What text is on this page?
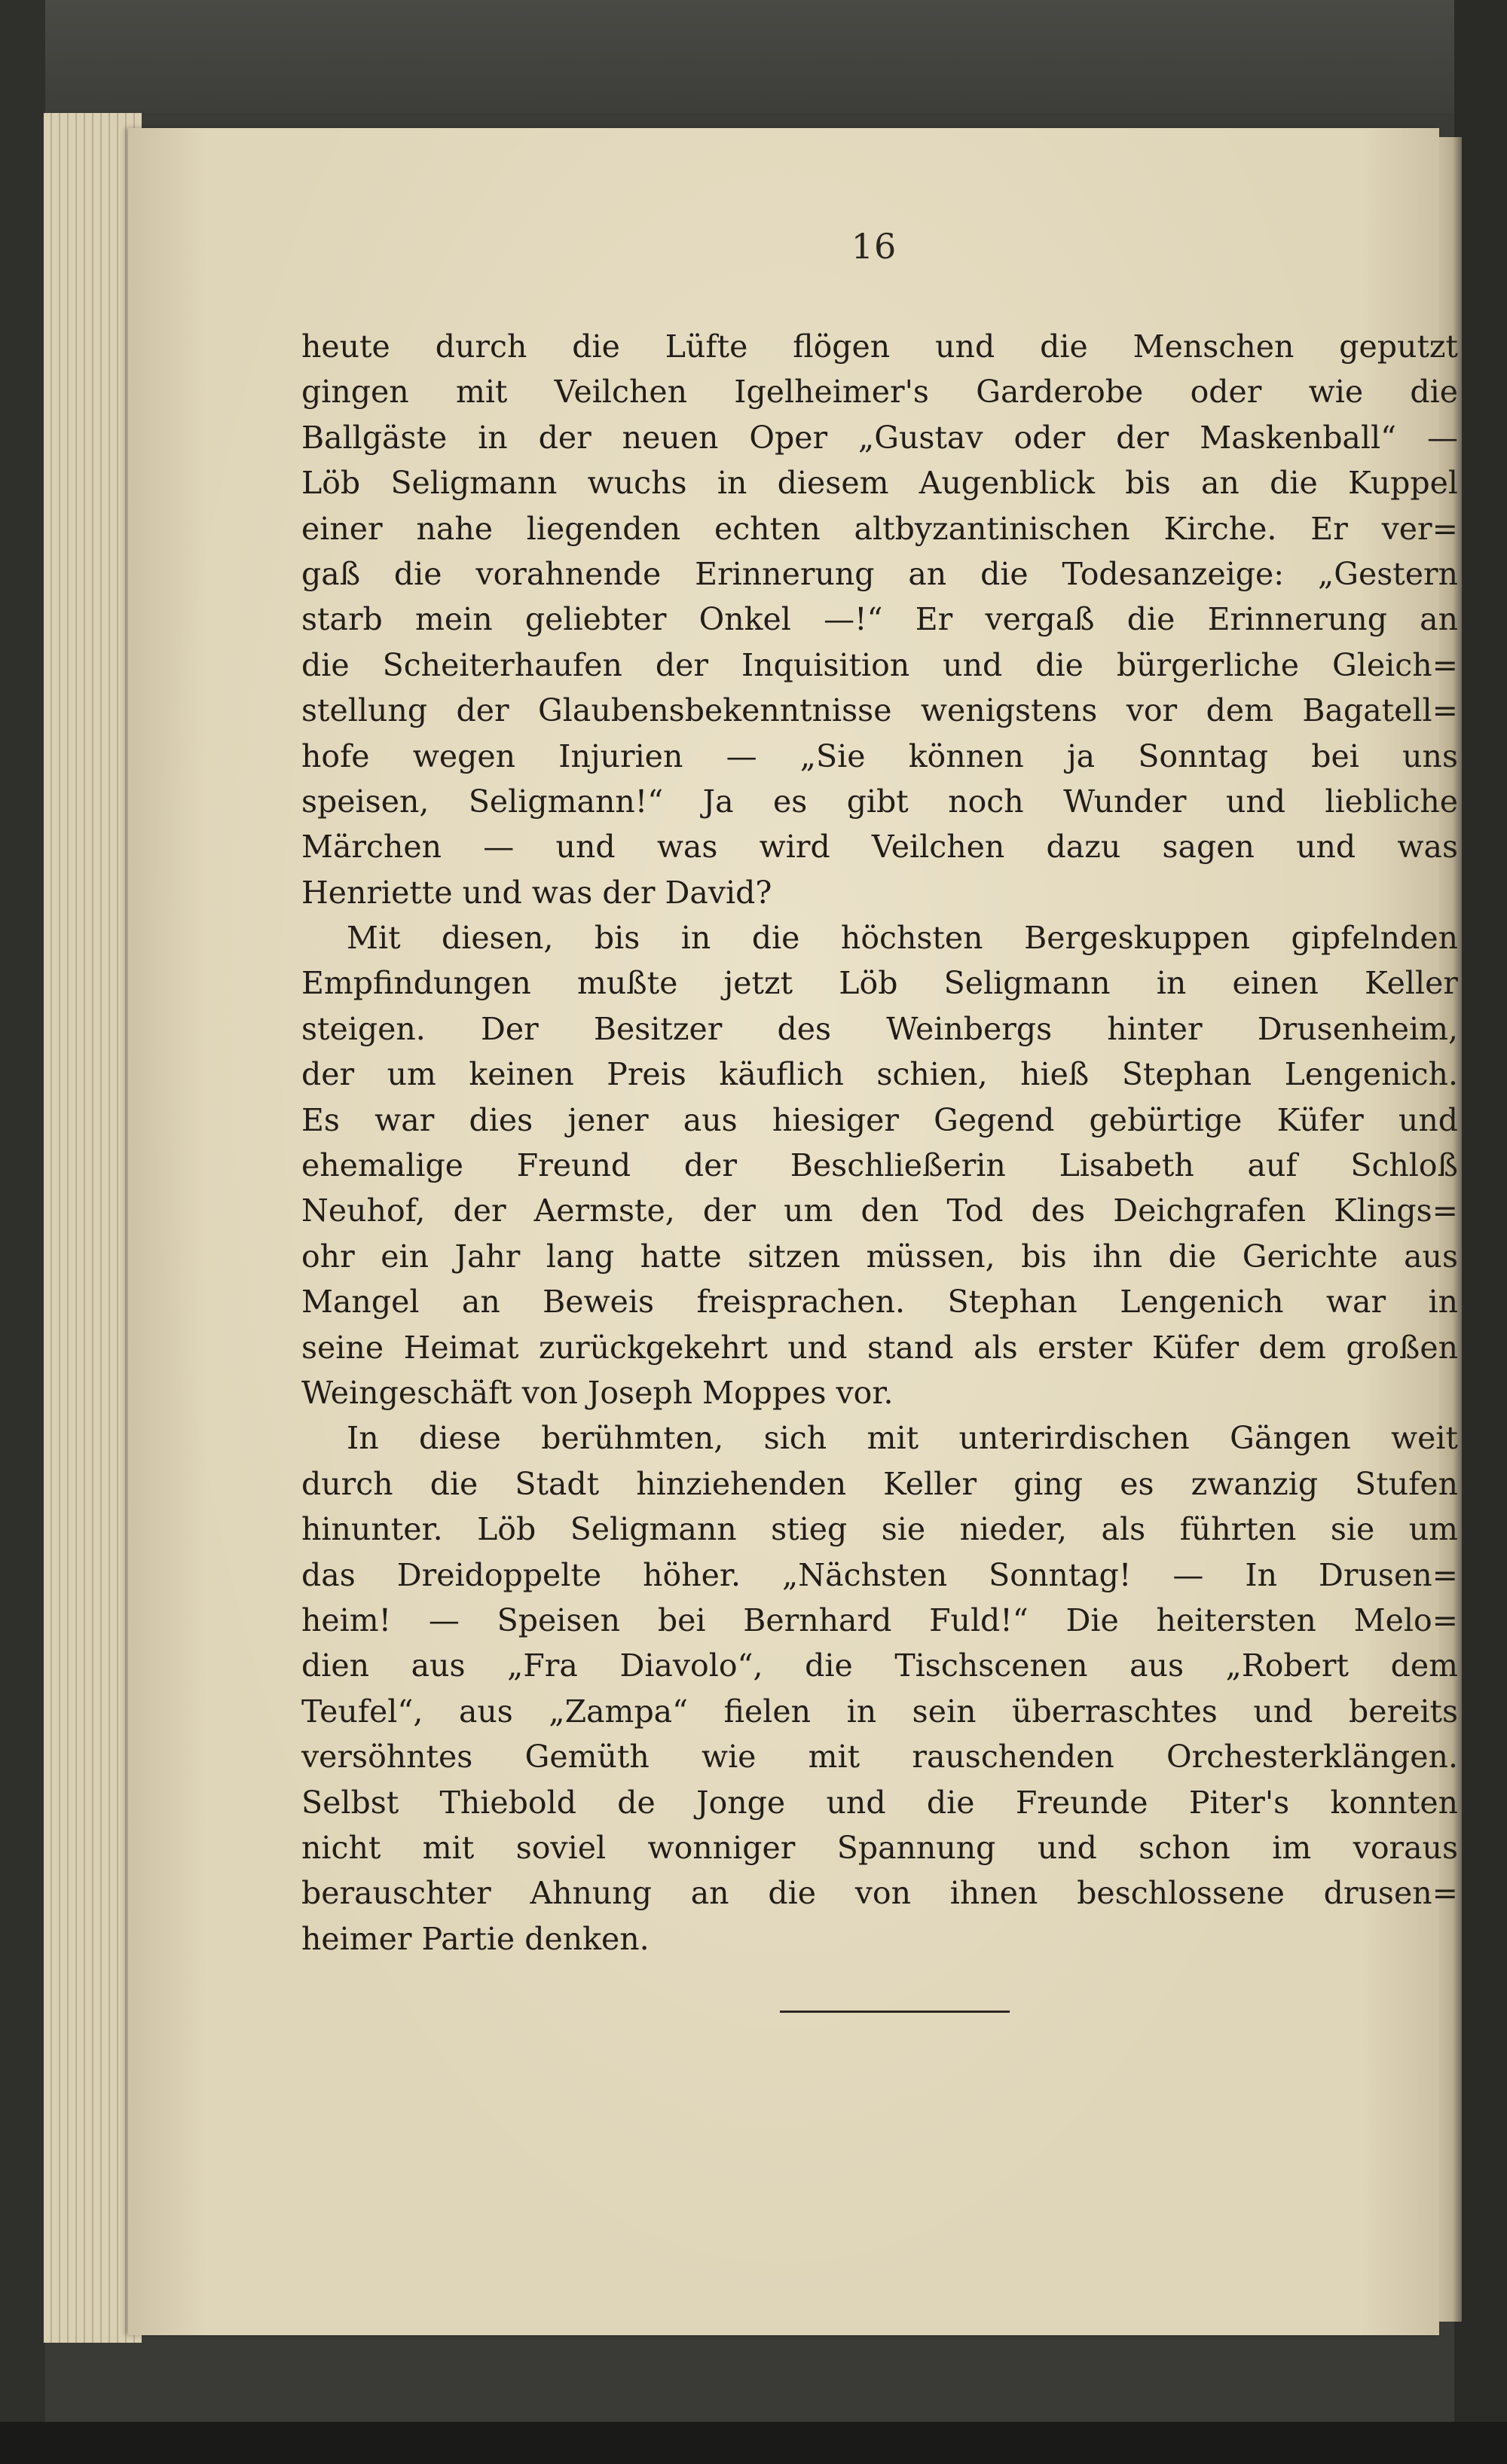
16
heute durch die Lüfte flögen und die Menschen geputzt
gingen mit Veilchen Igelheimer's Garderobe oder wie die
Ballgäste in der neuen Oper „Gustav oder der Maskenball“ —
Löb Seligmann wuchs in diesem Augenblick bis an die Kuppel
einer nahe liegenden echten altbyzantinischen Kirche. Er ver=
gaß die vorahnende Erinnerung an die Todesanzeige: „Gestern
starb mein geliebter Onkel —!“ Er vergaß die Erinnerung an
die Scheiterhaufen der Inquisition und die bürgerliche Gleich=
stellung der Glaubensbekenntnisse wenigstens vor dem Bagatell=
hofe wegen Injurien — „Sie können ja Sonntag bei uns
speisen, Seligmann!“ Ja es gibt noch Wunder und liebliche
Märchen — und was wird Veilchen dazu sagen und was
Henriette und was der David?
Mit diesen, bis in die höchsten Bergeskuppen gipfelnden
Empfindungen mußte jetzt Löb Seligmann in einen Keller
steigen. Der Besitzer des Weinbergs hinter Drusenheim,
der um keinen Preis käuflich schien, hieß Stephan Lengenich.
Es war dies jener aus hiesiger Gegend gebürtige Küfer und
ehemalige Freund der Beschließerin Lisabeth auf Schloß
Neuhof, der Aermste, der um den Tod des Deichgrafen Klings=
ohr ein Jahr lang hatte sitzen müssen, bis ihn die Gerichte aus
Mangel an Beweis freisprachen. Stephan Lengenich war in
seine Heimat zurückgekehrt und stand als erster Küfer dem großen
Weingeschäft von Joseph Moppes vor.
In diese berühmten, sich mit unterirdischen Gängen weit
durch die Stadt hinziehenden Keller ging es zwanzig Stufen
hinunter. Löb Seligmann stieg sie nieder, als führten sie um
das Dreidoppelte höher. „Nächsten Sonntag! — In Drusen=
heim! — Speisen bei Bernhard Fuld!“ Die heitersten Melo=
dien aus „Fra Diavolo“, die Tischscenen aus „Robert dem
Teufel“, aus „Zampa“ fielen in sein überraschtes und bereits
versöhntes Gemüth wie mit rauschenden Orchesterklängen.
Selbst Thiebold de Jonge und die Freunde Piter's konnten
nicht mit soviel wonniger Spannung und schon im voraus
berauschter Ahnung an die von ihnen beschlossene drusen=
heimer Partie denken.
